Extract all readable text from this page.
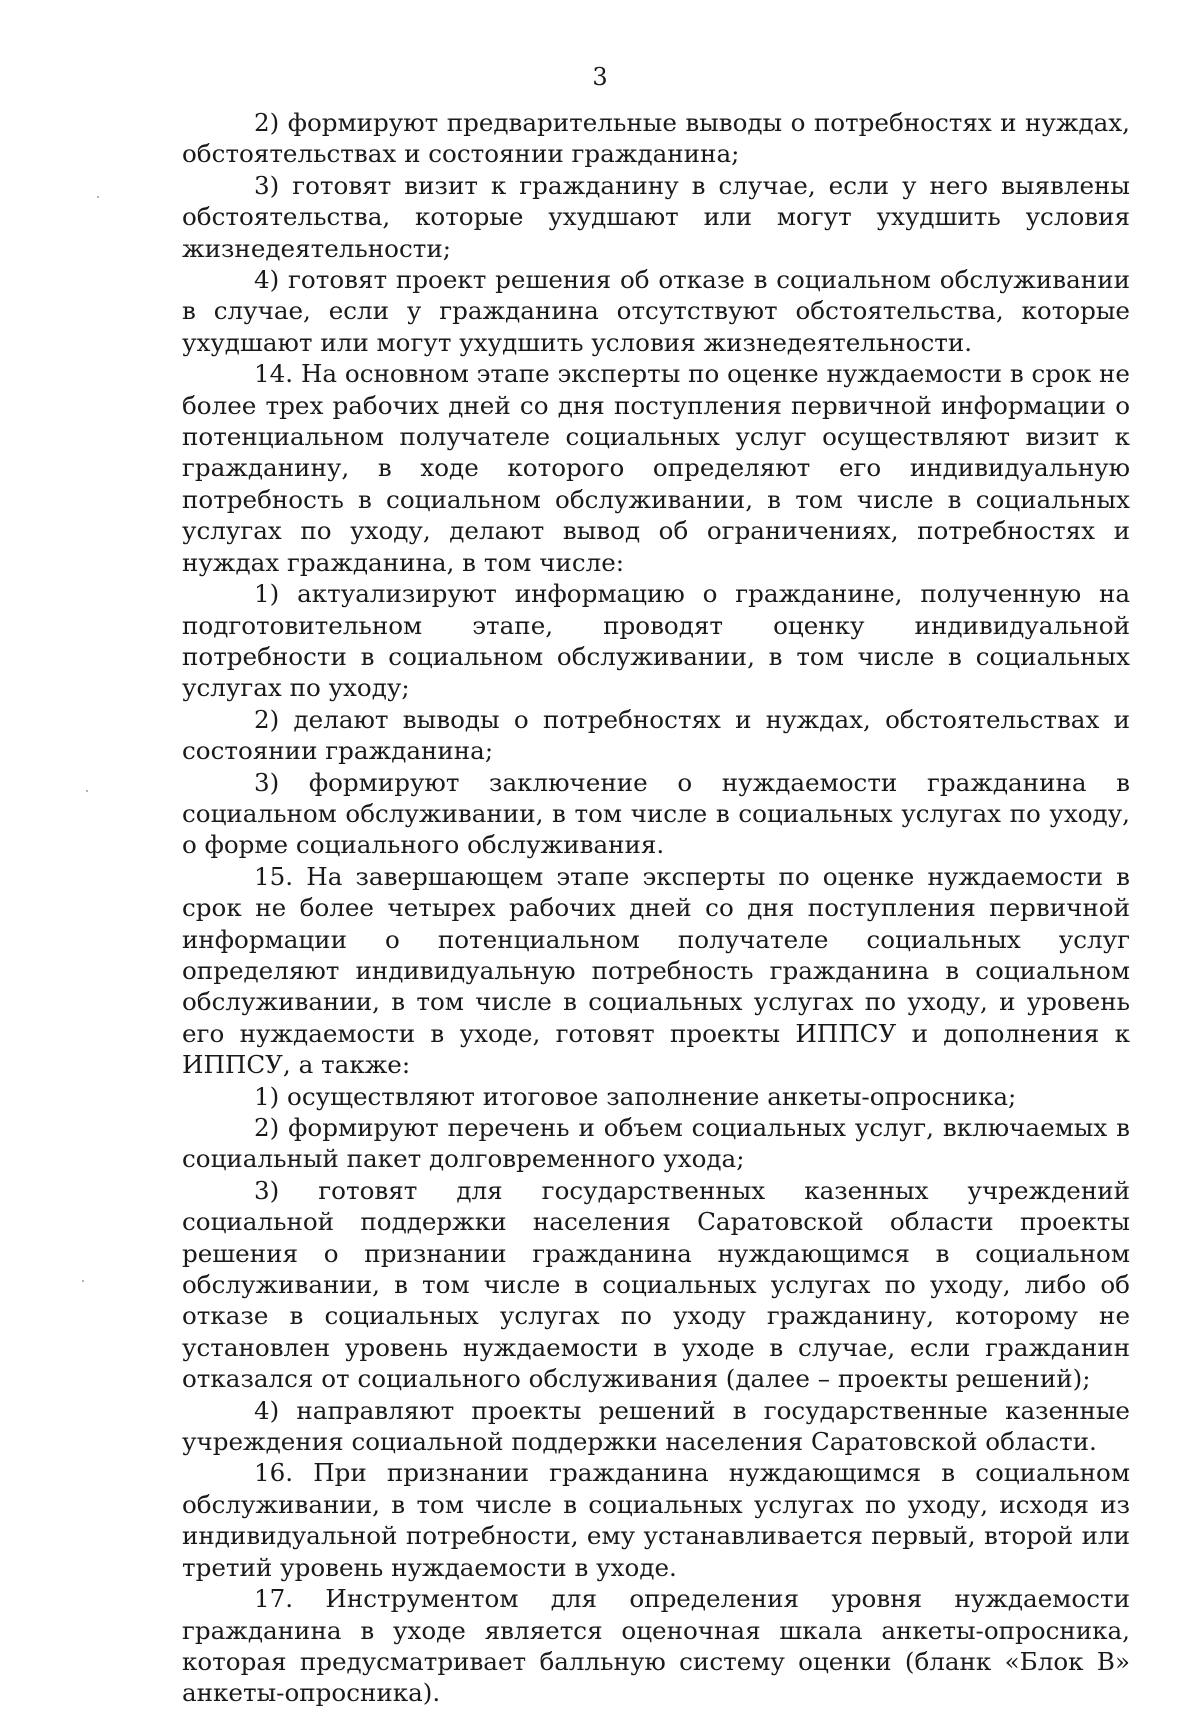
3

2) формируют предварительные выводы о потребностях и нуждах, обстоятельствах и состоянии гражданина;

3) готовят визит к гражданину в случае, если у него выявлены обстоятельства, которые ухудшают или могут ухудшить условия жизнедеятельности;

4) готовят проект решения об отказе в социальном обслуживании в случае, если у гражданина отсутствуют обстоятельства, которые ухудшают или могут ухудшить условия жизнедеятельности.

14. На основном этапе эксперты по оценке нуждаемости в срок не более трех рабочих дней со дня поступления первичной информации о потенциальном получателе социальных услуг осуществляют визит к гражданину, в ходе которого определяют его индивидуальную потребность в социальном обслуживании, в том числе в социальных услугах по уходу, делают вывод об ограничениях, потребностях и нуждах гражданина, в том числе:

1) актуализируют информацию о гражданине, полученную на подготовительном этапе, проводят оценку индивидуальной потребности в социальном обслуживании, в том числе в социальных услугах по уходу;

2) делают выводы о потребностях и нуждах, обстоятельствах и состоянии гражданина;

3) формируют заключение о нуждаемости гражданина в социальном обслуживании, в том числе в социальных услугах по уходу, о форме социального обслуживания.

15. На завершающем этапе эксперты по оценке нуждаемости в срок не более четырех рабочих дней со дня поступления первичной информации о потенциальном получателе социальных услуг определяют индивидуальную потребность гражданина в социальном обслуживании, в том числе в социальных услугах по уходу, и уровень его нуждаемости в уходе, готовят проекты ИППСУ и дополнения к ИППСУ, а также:

1) осуществляют итоговое заполнение анкеты-опросника;

2) формируют перечень и объем социальных услуг, включаемых в социальный пакет долговременного ухода;

3) готовят для государственных казенных учреждений социальной поддержки населения Саратовской области проекты решения о признании гражданина нуждающимся в социальном обслуживании, в том числе в социальных услугах по уходу, либо об отказе в социальных услугах по уходу гражданину, которому не установлен уровень нуждаемости в уходе в случае, если гражданин отказался от социального обслуживания (далее – проекты решений);

4) направляют проекты решений в государственные казенные учреждения социальной поддержки населения Саратовской области.

16. При признании гражданина нуждающимся в социальном обслуживании, в том числе в социальных услугах по уходу, исходя из индивидуальной потребности, ему устанавливается первый, второй или третий уровень нуждаемости в уходе.

17. Инструментом для определения уровня нуждаемости гражданина в уходе является оценочная шкала анкеты-опросника, которая предусматривает балльную систему оценки (бланк «Блок В» анкеты-опросника).
